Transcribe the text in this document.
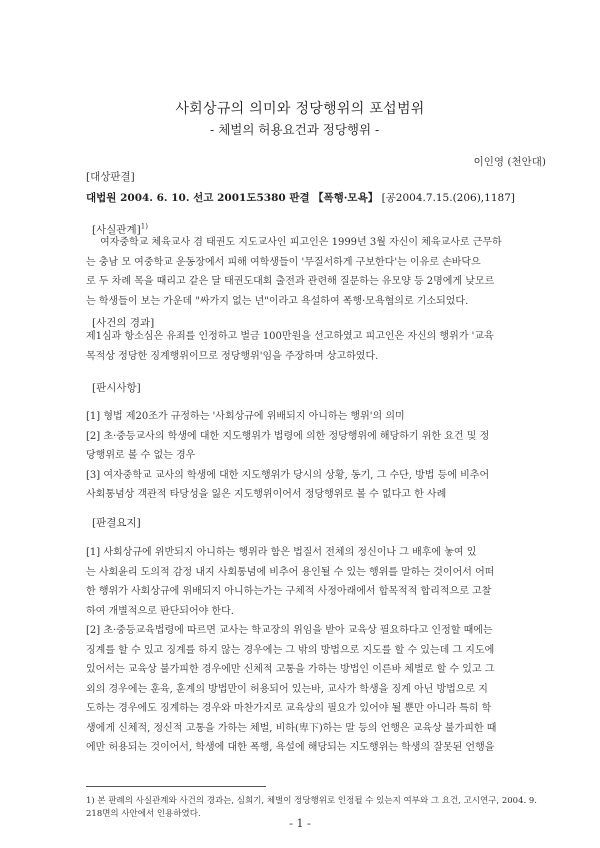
사회상규의 의미와 정당행위의 포섭범위
- 체벌의 허용요건과 정당행위 -
이인영 (천안대)
[대상판결]
대법원 2004. 6. 10. 선고 2001도5380 판결 【폭행·모욕】 [공2004.7.15.(206),1187]
[사실관계]$^{1)}$
여자중학교 체육교사 겸 태권도 지도교사인 피고인은 1999년 3월 자신이 체육교사로 근무하
는 충남 모 여중학교 운동장에서 피해 여학생들이 '무질서하게 구보한다'는 이유로 손바닥으
로 두 차례 목을 때리고 같은 달 태권도대회 출전과 관련해 질문하는 유모양 등 2명에게 낮모르
는 학생들이 보는 가운데 "싸가지 없는 년"이라고 욕설하여 폭행·모욕혐의로 기소되었다.
[사건의 경과]
제1심과 항소심은 유죄를 인정하고 벌금 100만원을 선고하였고 피고인은 자신의 행위가 '교육
목적상 정당한 징계행위이므로 정당행위'임을 주장하며 상고하였다.
[판시사항]
[1] 형법 제20조가 규정하는 '사회상규에 위배되지 아니하는 행위'의 의미
[2] 초·중등교사의 학생에 대한 지도행위가 법령에 의한 정당행위에 해당하기 위한 요건 및 정
당행위로 볼 수 없는 경우
[3] 여자중학교 교사의 학생에 대한 지도행위가 당시의 상황, 동기, 그 수단, 방법 등에 비추어
사회통념상 객관적 타당성을 잃은 지도행위이어서 정당행위로 볼 수 없다고 한 사례
[판결요지]
[1] 사회상규에 위반되지 아니하는 행위라 함은 법질서 전체의 정신이나 그 배후에 놓여 있
는 사회윤리 도의적 감정 내지 사회통념에 비추어 용인될 수 있는 행위를 말하는 것이어서 어떠
한 행위가 사회상규에 위배되지 아니하는가는 구체적 사정아래에서 합목적적 합리적으로 고찰
하여 개별적으로 판단되어야 한다.
[2] 초·중등교육법령에 따르면 교사는 학교장의 위임을 받아 교육상 필요하다고 인정할 때에는
징계를 할 수 있고 징계를 하지 않는 경우에는 그 밖의 방법으로 지도를 할 수 있는데 그 지도에
있어서는 교육상 불가피한 경우에만 신체적 고통을 가하는 방법인 이른바 체벌로 할 수 있고 그
외의 경우에는 훈육, 훈계의 방법만이 허용되어 있는바, 교사가 학생을 징계 아닌 방법으로 지
도하는 경우에도 징계하는 경우와 마찬가지로 교육상의 필요가 있어야 될 뿐만 아니라 특히 학
생에게 신체적, 정신적 고통을 가하는 체벌, 비하(卑下)하는 말 등의 언행은 교육상 불가피한 때
에만 허용되는 것이어서, 학생에 대한 폭행, 욕설에 해당되는 지도행위는 학생의 잘못된 언행을
1) 본 판례의 사실관계와 사건의 경과는, 심희기, 체벌이 정당행위로 인정될 수 있는지 여부와 그 요건, 고시연구, 2004. 9. 218면의 사안에서 인용하였다.
- 1 -
